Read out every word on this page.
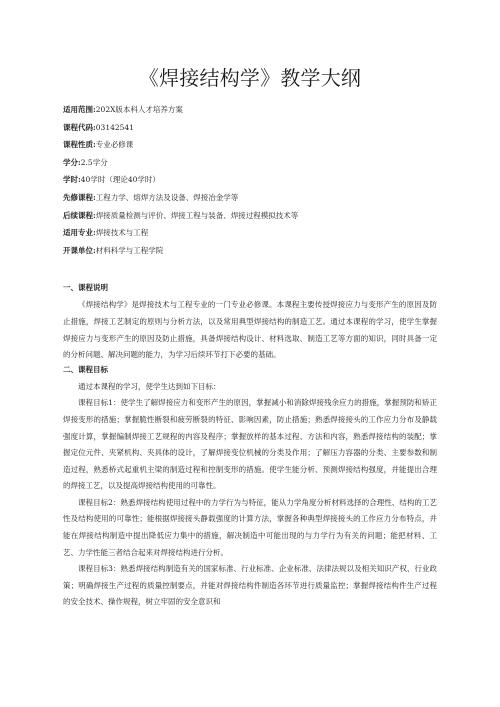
《焊接结构学》教学大纲
适用范围:202X版本科人才培养方案
课程代码:03142541
课程性质:专业必修课
学分:2.5学分
学时:40学时（理论40学时）
先修课程:工程力学、熔焊方法及设备、焊接冶金学等
后续课程:焊接质量检测与评价、焊接工程与装备、焊接过程模拟技术等
适用专业:焊接技术与工程
开课单位:材料科学与工程学院
一、课程说明

《焊接结构学》是焊接技术与工程专业的一门专业必修课。本课程主要传授焊接应力与变形产生的原因及防止措施，焊接工艺制定的原则与分析方法，以及常用典型焊接结构的制造工艺。通过本课程的学习，使学生掌握焊接应力与变形产生的原因及防止措施，具备焊接结构设计、材料选取、制造工艺等方面的知识，同时具备一定的分析问题、解决问题的能力，为学习后续环节打下必要的基础。

二、课程目标

通过本课程的学习，使学生达到如下目标：

课程目标1：使学生了解焊接应力和变形产生的原因，掌握减小和消除焊接残余应力的措施，掌握预防和矫正焊接变形的措施；掌握脆性断裂和疲劳断裂的特征、影响因素，防止措施；熟悉焊接接头的工作应力分布及静载强度计算，掌握编制焊接工艺规程的内容及程序；掌握放样的基本过程、方法和内容，熟悉焊接结构的装配；掌握定位元件、夹紧机构、夹具体的设计，了解焊接变位机械的分类及作用；了解压力容器的分类、主要参数和制造过程，熟悉桥式起重机主梁的制造过程和控制变形的措施。使学生能分析、预测焊接结构强度，并能提出合理的焊接工艺，以及提高焊接结构使用的可靠性。

课程目标2：熟悉焊接结构使用过程中的力学行为与特征，能从力学角度分析材料选择的合理性、结构的工艺性及结构使用的可靠性；能根据焊接接头静载强度的计算方法，掌握各种典型焊接接头的工作应力分布特点，并能在焊接结构制造中提出降低应力集中的措施，解决制造中可能出现的与力学行为有关的问题；能把材料、工艺、力学性能三者结合起来对焊接结构进行分析。

课程目标3：熟悉焊接结构制造有关的国家标准、行业标准、企业标准、法律法规以及相关知识产权、行业政策；明确焊接生产过程的质量控制要点，并能对焊接结构件制造各环节进行质量监控；掌握焊接结构件生产过程的安全技术、操作规程，树立牢固的安全意识和
